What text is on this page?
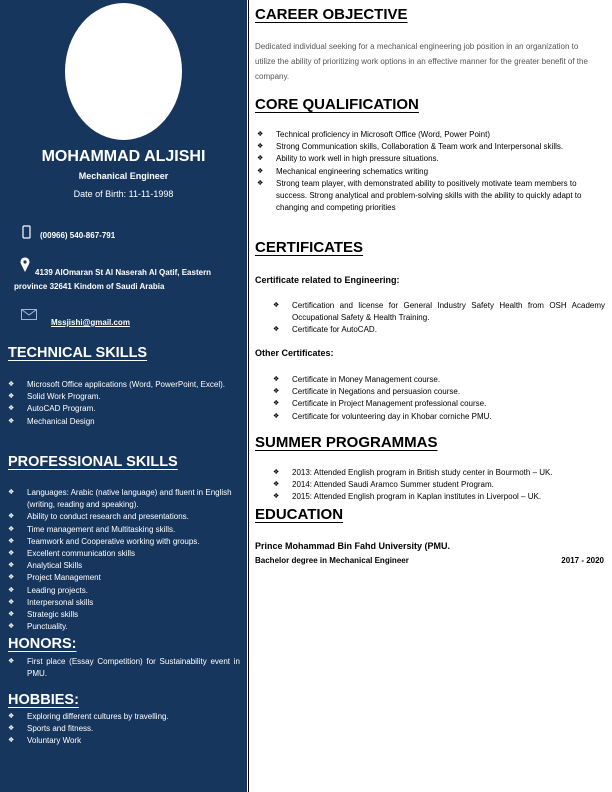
MOHAMMAD ALJISHI
Mechanical Engineer
Date of Birth: 11-11-1998
(00966) 540-867-791
4139 AlOmaran St Al Naserah Al Qatif, Eastern province 32641 Kindom of Saudi Arabia
Mssjishi@gmail.com
TECHNICAL SKILLS
❖ Microsoft Office applications (Word, PowerPoint, Excel).
❖ Solid Work Program.
❖ AutoCAD Program.
❖ Mechanical Design
PROFESSIONAL SKILLS
❖ Languages: Arabic (native language) and fluent in English (writing, reading and speaking).
❖ Ability to conduct research and presentations.
❖ Time management and Multitasking skills.
❖ Teamwork and Cooperative working with groups.
❖ Excellent communication skills
❖ Analytical Skills
❖ Project Management
❖ Leading projects.
❖ Interpersonal skills
❖ Strategic skills
❖ Punctuality.
HONORS:
❖ First place (Essay Competition) for Sustainability event in PMU.
HOBBIES:
❖ Exploring different cultures by travelling.
❖ Sports and fitness.
❖ Voluntary Work
CAREER OBJECTIVE
Dedicated individual seeking for a mechanical engineering job position in an organization to utilize the ability of prioritizing work options in an effective manner for the greater benefit of the company.
CORE QUALIFICATION
❖ Technical proficiency in Microsoft Office (Word, Power Point)
❖ Strong Communication skills, Collaboration & Team work and Interpersonal skills.
❖ Ability to work well in high pressure situations.
❖ Mechanical engineering schematics writing
❖ Strong team player, with demonstrated ability to positively motivate team members to success. Strong analytical and problem-solving skills with the ability to quickly adapt to changing and competing priorities
CERTIFICATES
Certificate related to Engineering:
❖ Certification and license for General Industry Safety Health from OSH Academy Occupational Safety & Health Training.
❖ Certificate for AutoCAD.
Other Certificates:
❖ Certificate in Money Management course.
❖ Certificate in Negations and persuasion course.
❖ Certificate in Project Management professional course.
❖ Certificate for volunteering day in Khobar corniche PMU.
SUMMER PROGRAMMAS
❖ 2013: Attended English program in British study center in Bourmoth – UK.
❖ 2014: Attended Saudi Aramco Summer student Program.
❖ 2015: Attended English program in Kaplan institutes in Liverpool – UK.
EDUCATION
Prince Mohammad Bin Fahd University (PMU.
Bachelor degree in Mechanical Engineer	2017 - 2020
